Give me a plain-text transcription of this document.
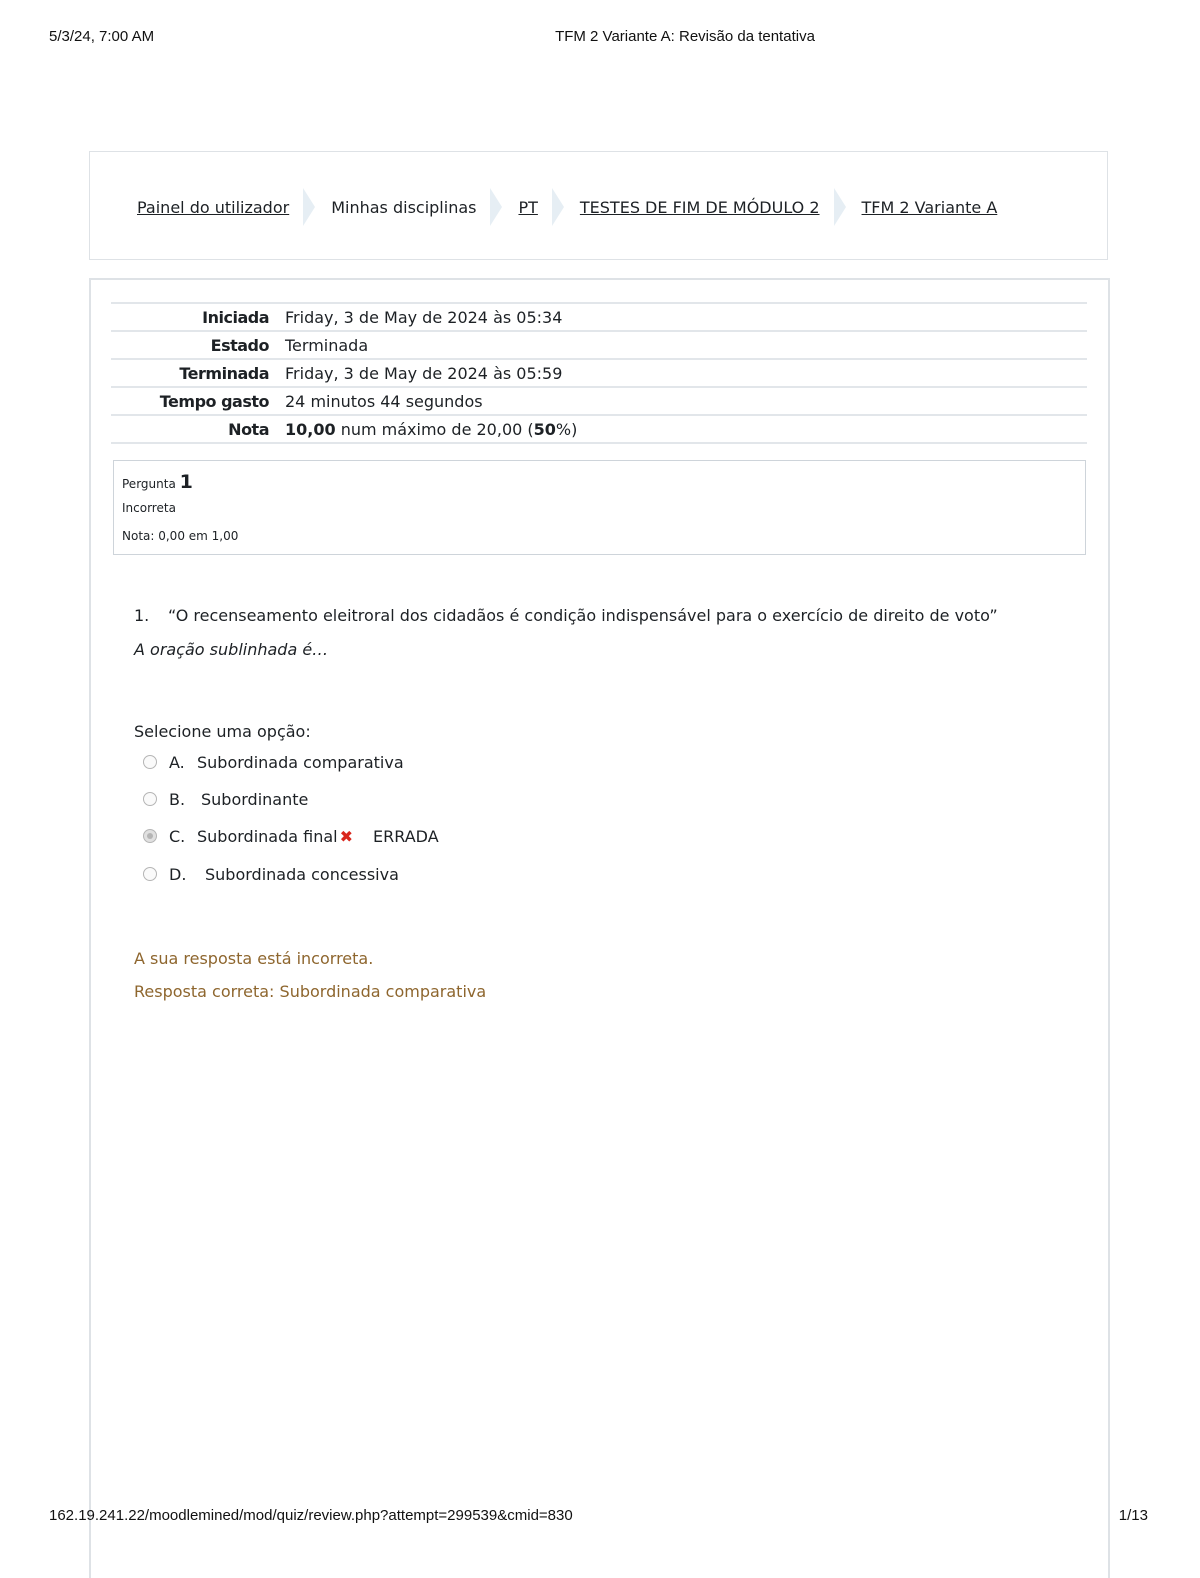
5/3/24, 7:00 AM	TFM 2 Variante A: Revisão da tentativa
Painel do utilizador	Minhas disciplinas	PT	TESTES DE FIM DE MÓDULO 2	TFM 2 Variante A
Iniciada	Friday, 3 de May de 2024 às 05:34
Estado	Terminada
Terminada	Friday, 3 de May de 2024 às 05:59
Tempo gasto	24 minutos 44 segundos
Nota	10,00 num máximo de 20,00 (50%)
Pergunta 1
Incorreta
Nota: 0,00 em 1,00
1. “O recenseamento eleitroral dos cidadãos é condição indispensável para o exercício de direito de voto”
A oração sublinhada é…
Selecione uma opção:
A. Subordinada comparativa
B. Subordinante
C. Subordinada final ✖ ERRADA
D.	Subordinada concessiva
A sua resposta está incorreta.
Resposta correta: Subordinada comparativa
162.19.241.22/moodlemined/mod/quiz/review.php?attempt=299539&cmid=830	1/13
